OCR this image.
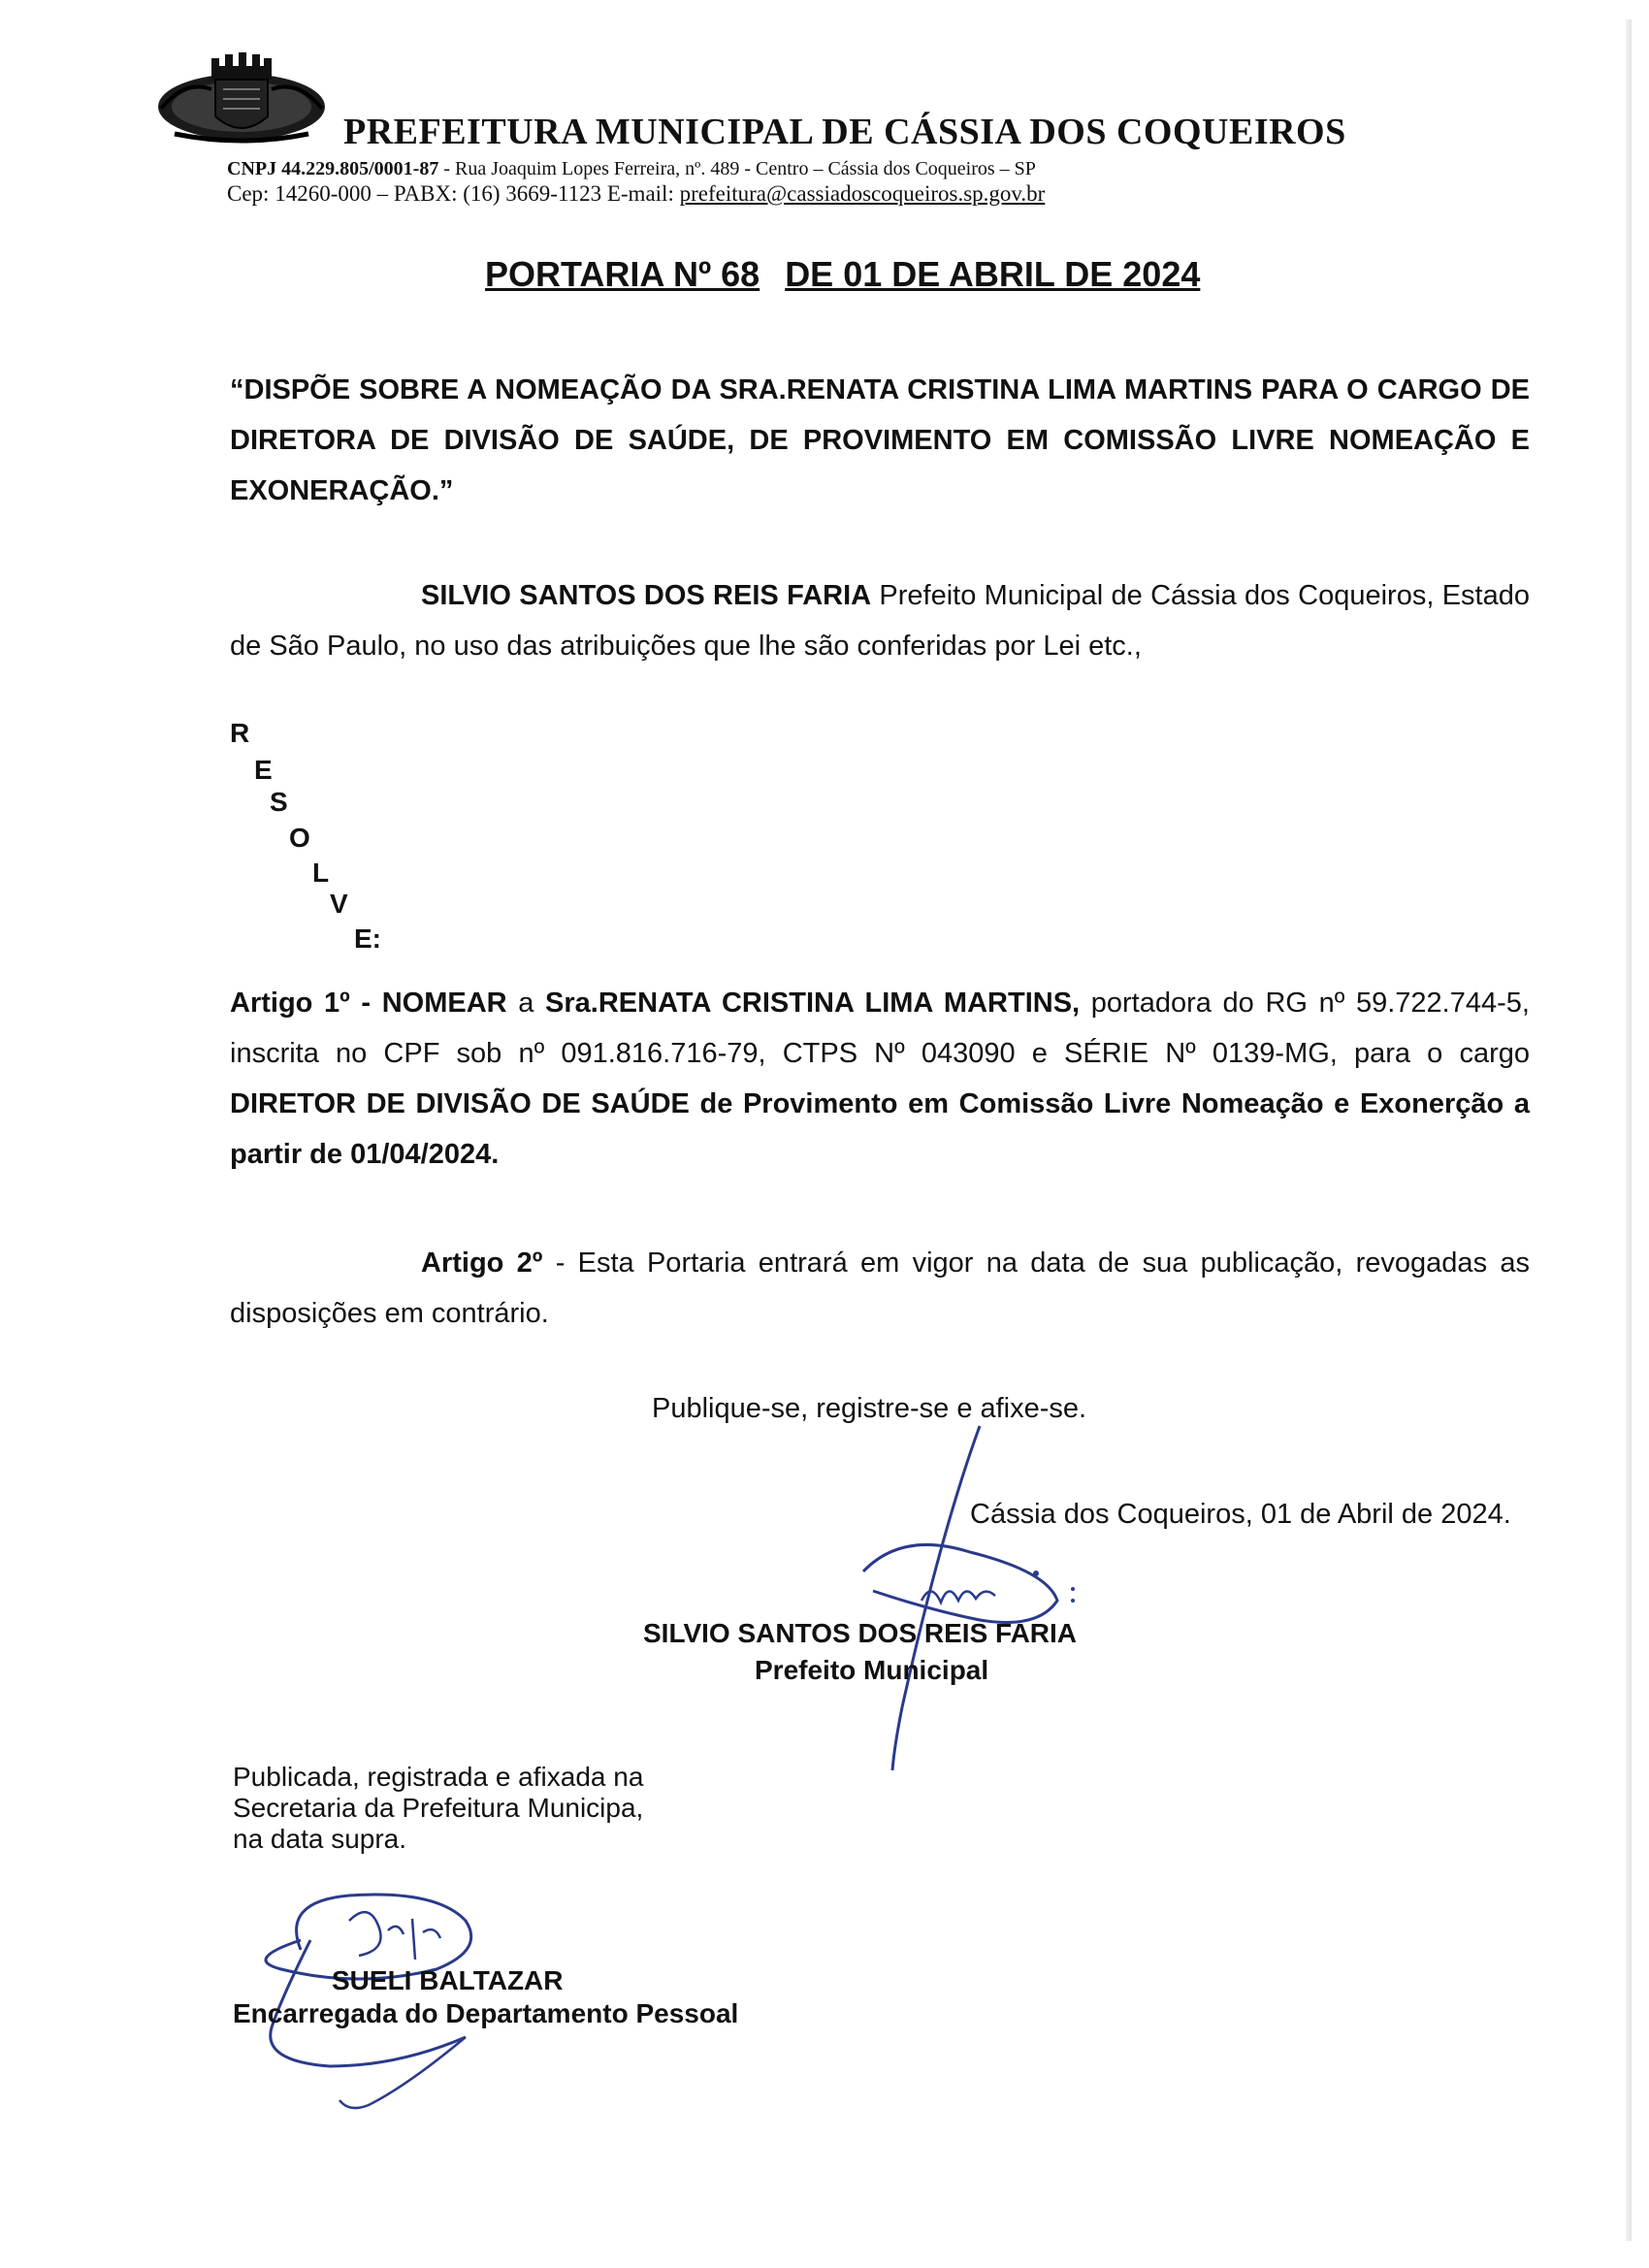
PREFEITURA MUNICIPAL DE CÁSSIA DOS COQUEIROS
CNPJ 44.229.805/0001-87 - Rua Joaquim Lopes Ferreira, nº. 489 - Centro – Cássia dos Coqueiros – SP
Cep: 14260-000 – PABX: (16) 3669-1123 E-mail: prefeitura@cassiadoscoqueiros.sp.gov.br
PORTARIA Nº 68 DE 01 DE ABRIL DE 2024
“DISPÕE SOBRE A NOMEAÇÃO DA SRA.RENATA CRISTINA LIMA MARTINS PARA O CARGO DE DIRETORA DE DIVISÃO DE SAÚDE, DE PROVIMENTO EM COMISSÃO LIVRE NOMEAÇÃO E EXONERAÇÃO.”
SILVIO SANTOS DOS REIS FARIA Prefeito Municipal de Cássia dos Coqueiros, Estado de São Paulo, no uso das atribuições que lhe são conferidas por Lei etc.,
R
E
S
O
L
V
E:
Artigo 1º - NOMEAR a Sra.RENATA CRISTINA LIMA MARTINS, portadora do RG nº 59.722.744-5, inscrita no CPF sob nº 091.816.716-79, CTPS Nº 043090 e SÉRIE Nº 0139-MG, para o cargo DIRETOR DE DIVISÃO DE SAÚDE de Provimento em Comissão Livre Nomeação e Exonerção a partir de 01/04/2024.
Artigo 2º - Esta Portaria entrará em vigor na data de sua publicação, revogadas as disposições em contrário.
Publique-se, registre-se e afixe-se.
Cássia dos Coqueiros, 01 de Abril de 2024.
SILVIO SANTOS DOS REIS FARIA
Prefeito Municipal
Publicada, registrada e afixada na
Secretaria da Prefeitura Municipa,
na data supra.
SUELI BALTAZAR
Encarregada do Departamento Pessoal
